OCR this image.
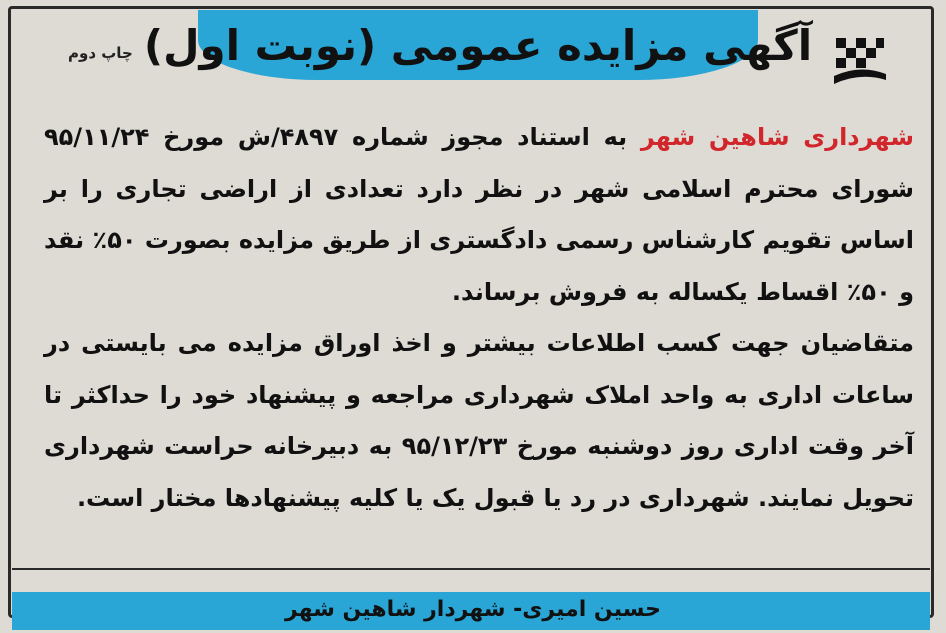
آگهی مزایده عمومی (نوبت اول)
چاپ دوم

شهرداری شاهین شهر به استناد مجوز شماره ۴۸۹۷/ش مورخ ۹۵/۱۱/۲۴ شورای محترم اسلامی شهر در نظر دارد تعدادی از اراضی تجاری را بر اساس تقویم کارشناس رسمی دادگستری از طریق مزایده بصورت ۵۰٪ نقد و ۵۰٪ اقساط یکساله به فروش برساند.

متقاضیان جهت کسب اطلاعات بیشتر و اخذ اوراق مزایده می بایستی در ساعات اداری به واحد املاک شهرداری مراجعه و پیشنهاد خود را حداکثر تا آخر وقت اداری روز دوشنبه مورخ ۹۵/۱۲/۲۳ به دبیرخانه حراست شهرداری تحویل نمایند. شهرداری در رد یا قبول یک یا کلیه پیشنهادها مختار است.

حسین امیری- شهردار شاهین شهر
